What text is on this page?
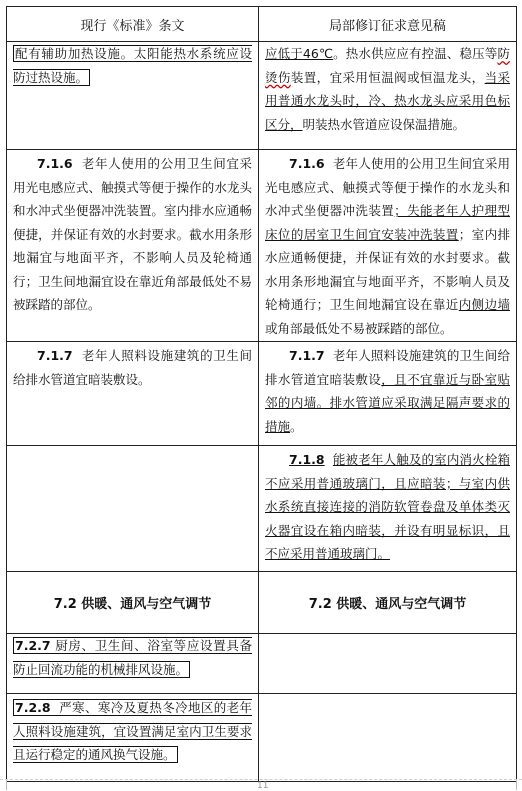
现行《标准》条文	局部修订征求意见稿

配有辅助加热设施。太阳能热水系统应设防过热设施。	应低于46℃。热水供应应有控温、稳压等防烫伤装置，宜采用恒温阀或恒温龙头，当采用普通水龙头时，冷、热水龙头应采用色标区分，明装热水管道应设保温措施。

7.1.6 老年人使用的公用卫生间宜采用光电感应式、触摸式等便于操作的水龙头和水冲式坐便器冲洗装置。室内排水应通畅便捷，并保证有效的水封要求。截水用条形地漏宜与地面平齐，不影响人员及轮椅通行；卫生间地漏宜设在靠近角部最低处不易被踩踏的部位。	7.1.6 老年人使用的公用卫生间宜采用光电感应式、触摸式等便于操作的水龙头和水冲式坐便器冲洗装置；失能老年人护理型床位的居室卫生间宜安装冲洗装置；室内排水应通畅便捷，并保证有效的水封要求。截水用条形地漏宜与地面平齐，不影响人员及轮椅通行；卫生间地漏宜设在靠近内侧边墙或角部最低处不易被踩踏的部位。

7.1.7 老年人照料设施建筑的卫生间给排水管道宜暗装敷设。	7.1.7 老年人照料设施建筑的卫生间给排水管道宜暗装敷设，且不宜靠近与卧室贴邻的内墙。排水管道应采取满足隔声要求的措施。

	7.1.8 能被老年人触及的室内消火栓箱不应采用普通玻璃门，且应暗装；与室内供水系统直接连接的消防软管卷盘及单体类灭火器宜设在箱内暗装，并设有明显标识，且不应采用普通玻璃门。

7.2 供暖、通风与空气调节	7.2 供暖、通风与空气调节

7.2.7 厨房、卫生间、浴室等应设置具备防止回流功能的机械排风设施。	

7.2.8 严寒、寒冷及夏热冬冷地区的老年人照料设施建筑，宜设置满足室内卫生要求且运行稳定的通风换气设施。	

11
